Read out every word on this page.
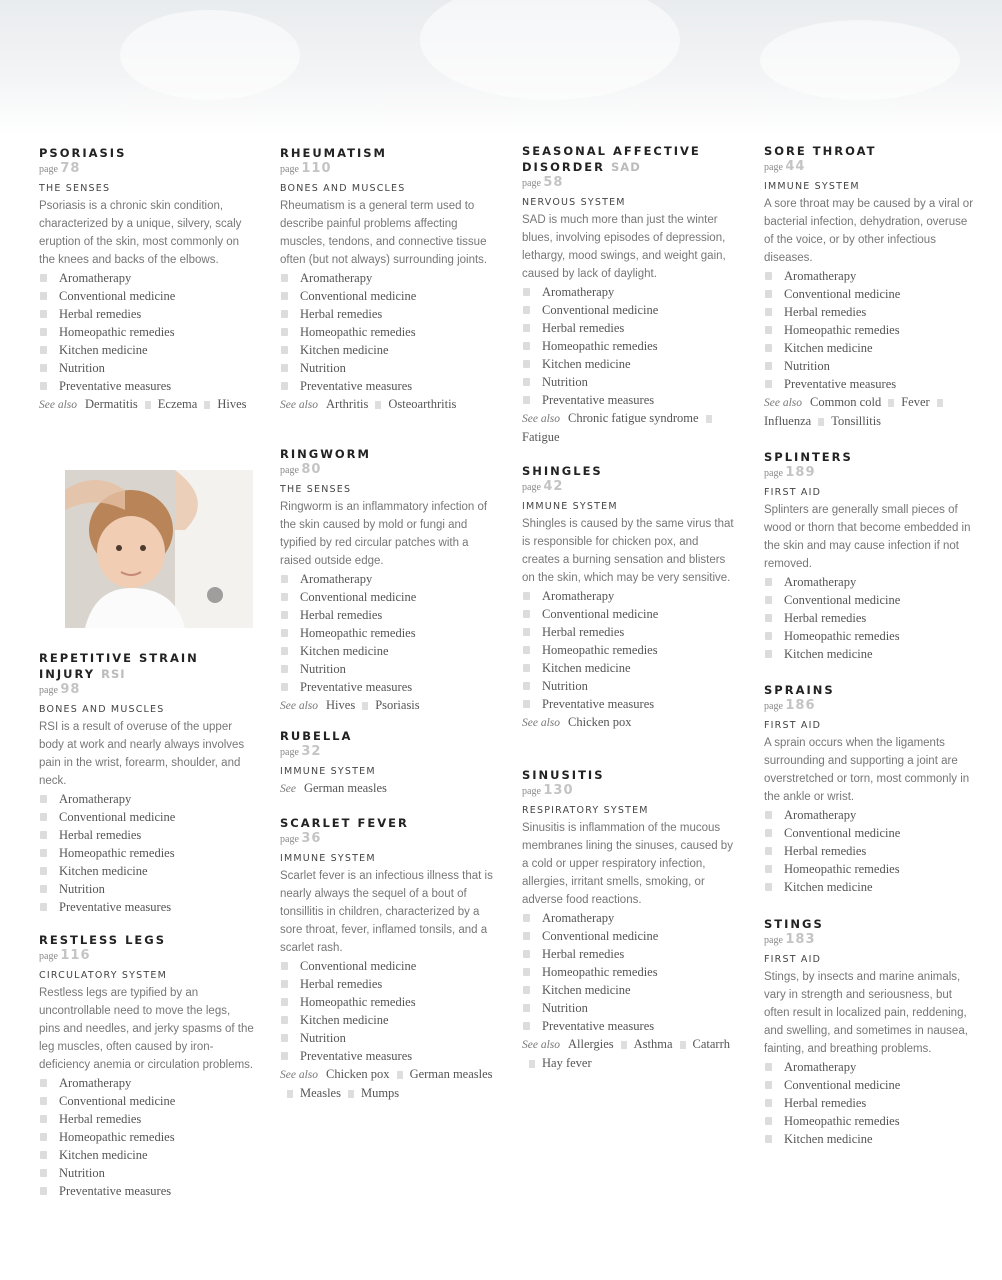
PSORIASIS
page 78
THE SENSES
Psoriasis is a chronic skin condition, characterized by a unique, silvery, scaly eruption of the skin, most commonly on the knees and backs of the elbows.
Aromatherapy
Conventional medicine
Herbal remedies
Homeopathic remedies
Kitchen medicine
Nutrition
Preventative measures
See also Dermatitis Eczema Hives
REPETITIVE STRAIN INJURY RSI
page 98
BONES AND MUSCLES
RSI is a result of overuse of the upper body at work and nearly always involves pain in the wrist, forearm, shoulder, and neck.
Aromatherapy
Conventional medicine
Herbal remedies
Homeopathic remedies
Kitchen medicine
Nutrition
Preventative measures
RESTLESS LEGS
page 116
CIRCULATORY SYSTEM
Restless legs are typified by an uncontrollable need to move the legs, pins and needles, and jerky spasms of the leg muscles, often caused by iron-deficiency anemia or circulation problems.
Aromatherapy
Conventional medicine
Herbal remedies
Homeopathic remedies
Kitchen medicine
Nutrition
Preventative measures
RHEUMATISM
page 110
BONES AND MUSCLES
Rheumatism is a general term used to describe painful problems affecting muscles, tendons, and connective tissue often (but not always) surrounding joints.
Aromatherapy
Conventional medicine
Herbal remedies
Homeopathic remedies
Kitchen medicine
Nutrition
Preventative measures
See also Arthritis Osteoarthritis
RINGWORM
page 80
THE SENSES
Ringworm is an inflammatory infection of the skin caused by mold or fungi and typified by red circular patches with a raised outside edge.
Aromatherapy
Conventional medicine
Herbal remedies
Homeopathic remedies
Kitchen medicine
Nutrition
Preventative measures
See also Hives Psoriasis
RUBELLA
page 32
IMMUNE SYSTEM
See German measles
SCARLET FEVER
page 36
IMMUNE SYSTEM
Scarlet fever is an infectious illness that is nearly always the sequel of a bout of tonsillitis in children, characterized by a sore throat, fever, inflamed tonsils, and a scarlet rash.
Conventional medicine
Herbal remedies
Homeopathic remedies
Kitchen medicine
Nutrition
Preventative measures
See also Chicken pox German measlesMeasles Mumps
SEASONAL AFFECTIVE DISORDER SAD
page 58
NERVOUS SYSTEM
SAD is much more than just the winter blues, involving episodes of depression, lethargy, mood swings, and weight gain, caused by lack of daylight.
Aromatherapy
Conventional medicine
Herbal remedies
Homeopathic remedies
Kitchen medicine
Nutrition
Preventative measures
See also Chronic fatigue syndromeFatigue
SHINGLES
page 42
IMMUNE SYSTEM
Shingles is caused by the same virus that is responsible for chicken pox, and creates a burning sensation and blisters on the skin, which may be very sensitive.
Aromatherapy
Conventional medicine
Herbal remedies
Homeopathic remedies
Kitchen medicine
Nutrition
Preventative measures
See also Chicken pox
SINUSITIS
page 130
RESPIRATORY SYSTEM
Sinusitis is inflammation of the mucous membranes lining the sinuses, caused by a cold or upper respiratory infection, allergies, irritant smells, smoking, or adverse food reactions.
Aromatherapy
Conventional medicine
Herbal remedies
Homeopathic remedies
Kitchen medicine
Nutrition
Preventative measures
See also Allergies Asthma CatarrhHay fever
SORE THROAT
page 44
IMMUNE SYSTEM
A sore throat may be caused by a viral or bacterial infection, dehydration, overuse of the voice, or by other infectious diseases.
Aromatherapy
Conventional medicine
Herbal remedies
Homeopathic remedies
Kitchen medicine
Nutrition
Preventative measures
See also Common cold FeverInfluenza Tonsillitis
SPLINTERS
page 189
FIRST AID
Splinters are generally small pieces of wood or thorn that become embedded in the skin and may cause infection if not removed.
Aromatherapy
Conventional medicine
Herbal remedies
Homeopathic remedies
Kitchen medicine
SPRAINS
page 186
FIRST AID
A sprain occurs when the ligaments surrounding and supporting a joint are overstretched or torn, most commonly in the ankle or wrist.
Aromatherapy
Conventional medicine
Herbal remedies
Homeopathic remedies
Kitchen medicine
STINGS
page 183
FIRST AID
Stings, by insects and marine animals, vary in strength and seriousness, but often result in localized pain, reddening, and swelling, and sometimes in nausea, fainting, and breathing problems.
Aromatherapy
Conventional medicine
Herbal remedies
Homeopathic remedies
Kitchen medicine
